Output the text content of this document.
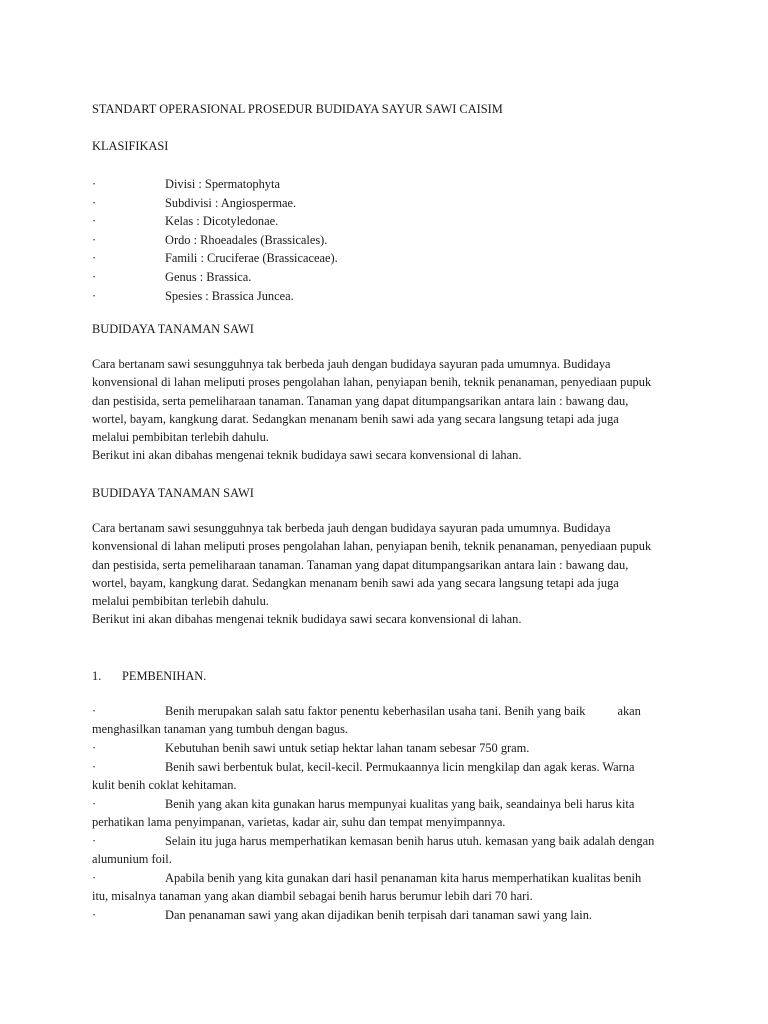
STANDART OPERASIONAL PROSEDUR BUDIDAYA SAYUR SAWI CAISIM
KLASIFIKASI
·	Divisi : Spermatophyta
·	Subdivisi : Angiospermae.
·	Kelas : Dicotyledonae.
·	Ordo : Rhoeadales (Brassicales).
·	Famili : Cruciferae (Brassicaceae).
·	Genus : Brassica.
·	Spesies : Brassica Juncea.
BUDIDAYA TANAMAN SAWI
Cara bertanam sawi sesungguhnya tak berbeda jauh dengan budidaya sayuran pada umumnya. Budidaya
konvensional di lahan meliputi proses pengolahan lahan, penyiapan benih, teknik penanaman, penyediaan pupuk
dan pestisida, serta pemeliharaan tanaman. Tanaman yang dapat ditumpangsarikan antara lain : bawang dau,
wortel, bayam, kangkung darat. Sedangkan menanam benih sawi ada yang secara langsung tetapi ada juga
melalui pembibitan terlebih dahulu.
Berikut ini akan dibahas mengenai teknik budidaya sawi secara konvensional di lahan.
BUDIDAYA TANAMAN SAWI
Cara bertanam sawi sesungguhnya tak berbeda jauh dengan budidaya sayuran pada umumnya. Budidaya
konvensional di lahan meliputi proses pengolahan lahan, penyiapan benih, teknik penanaman, penyediaan pupuk
dan pestisida, serta pemeliharaan tanaman. Tanaman yang dapat ditumpangsarikan antara lain : bawang dau,
wortel, bayam, kangkung darat. Sedangkan menanam benih sawi ada yang secara langsung tetapi ada juga
melalui pembibitan terlebih dahulu.
Berikut ini akan dibahas mengenai teknik budidaya sawi secara konvensional di lahan.
1. PEMBENIHAN.
·	Benih merupakan salah satu faktor penentu keberhasilan usaha tani. Benih yang baik	akan
menghasilkan tanaman yang tumbuh dengan bagus.
·	Kebutuhan benih sawi untuk setiap hektar lahan tanam sebesar 750 gram.
·	Benih sawi berbentuk bulat, kecil-kecil. Permukaannya licin mengkilap dan agak keras. Warna
kulit benih coklat kehitaman.
·	Benih yang akan kita gunakan harus mempunyai kualitas yang baik, seandainya beli harus kita
perhatikan lama penyimpanan, varietas, kadar air, suhu dan tempat menyimpannya.
·	Selain itu juga harus memperhatikan kemasan benih harus utuh. kemasan yang baik adalah dengan
alumunium foil.
·	Apabila benih yang kita gunakan dari hasil penanaman kita harus memperhatikan kualitas benih
itu, misalnya tanaman yang akan diambil sebagai benih harus berumur lebih dari 70 hari.
·	Dan penanaman sawi yang akan dijadikan benih terpisah dari tanaman sawi yang lain.
